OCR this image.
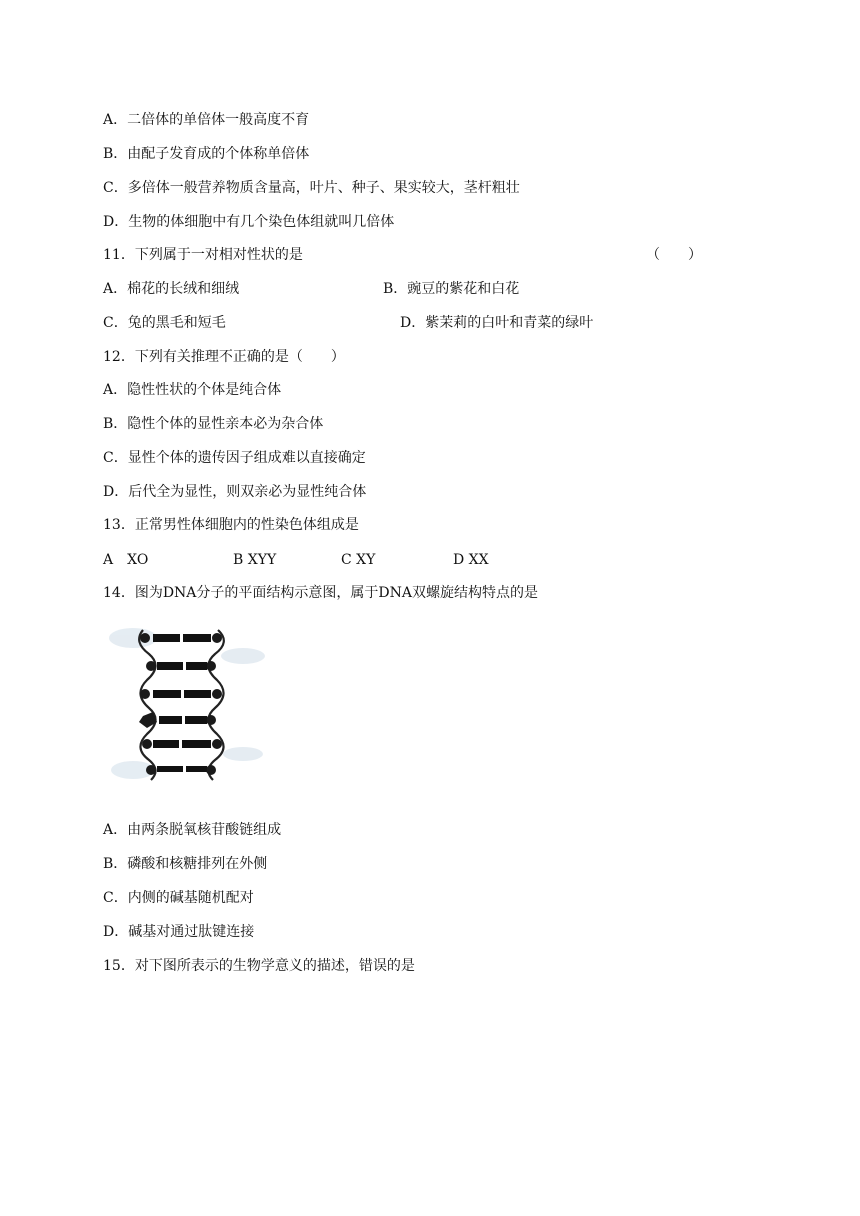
A．二倍体的单倍体一般高度不育
B．由配子发育成的个体称单倍体
C．多倍体一般营养物质含量高，叶片、种子、果实较大，茎杆粗壮
D．生物的体细胞中有几个染色体组就叫几倍体
11．下列属于一对相对性状的是	（　　）
A．棉花的长绒和细绒	B．豌豆的紫花和白花
C．兔的黑毛和短毛	D．紫茉莉的白叶和青菜的绿叶
12．下列有关推理不正确的是（　　）
A．隐性性状的个体是纯合体
B．隐性个体的显性亲本必为杂合体
C．显性个体的遗传因子组成难以直接确定
D．后代全为显性，则双亲必为显性纯合体
13．正常男性体细胞内的性染色体组成是
A　XO	B XYY	C XY	D XX
14．图为DNA分子的平面结构示意图，属于DNA双螺旋结构特点的是
A．由两条脱氧核苷酸链组成
B．磷酸和核糖排列在外侧
C．内侧的碱基随机配对
D．碱基对通过肽键连接
15．对下图所表示的生物学意义的描述，错误的是
